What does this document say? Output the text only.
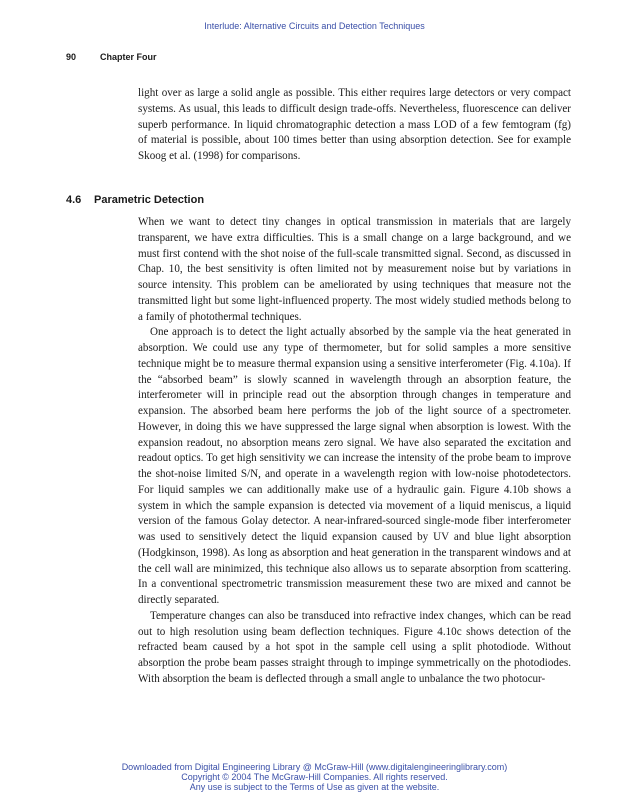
Interlude: Alternative Circuits and Detection Techniques
90	Chapter Four

light over as large a solid angle as possible. This either requires large detectors or very compact systems. As usual, this leads to difficult design trade-offs. Nevertheless, fluorescence can deliver superb performance. In liquid chromatographic detection a mass LOD of a few femtogram (fg) of material is possible, about 100 times better than using absorption detection. See for example Skoog et al. (1998) for comparisons.

4.6 Parametric Detection

When we want to detect tiny changes in optical transmission in materials that are largely transparent, we have extra difficulties. This is a small change on a large background, and we must first contend with the shot noise of the full-scale transmitted signal. Second, as discussed in Chap. 10, the best sensitivity is often limited not by measurement noise but by variations in source intensity. This problem can be ameliorated by using techniques that measure not the transmitted light but some light-influenced property. The most widely studied methods belong to a family of photothermal techniques.

One approach is to detect the light actually absorbed by the sample via the heat generated in absorption. We could use any type of thermometer, but for solid samples a more sensitive technique might be to measure thermal expansion using a sensitive interferometer (Fig. 4.10a). If the “absorbed beam” is slowly scanned in wavelength through an absorption feature, the interferometer will in principle read out the absorption through changes in temperature and expansion. The absorbed beam here performs the job of the light source of a spectrometer. However, in doing this we have suppressed the large signal when absorption is lowest. With the expansion readout, no absorption means zero signal. We have also separated the excitation and readout optics. To get high sensitivity we can increase the intensity of the probe beam to improve the shot-noise limited S/N, and operate in a wavelength region with low-noise photodetectors. For liquid samples we can additionally make use of a hydraulic gain. Figure 4.10b shows a system in which the sample expansion is detected via movement of a liquid meniscus, a liquid version of the famous Golay detector. A near-infrared-sourced single-mode fiber interferometer was used to sensitively detect the liquid expansion caused by UV and blue light absorption (Hodgkinson, 1998). As long as absorption and heat generation in the transparent windows and at the cell wall are minimized, this technique also allows us to separate absorption from scattering. In a conventional spectrometric transmission measurement these two are mixed and cannot be directly separated.

Temperature changes can also be transduced into refractive index changes, which can be read out to high resolution using beam deflection techniques. Figure 4.10c shows detection of the refracted beam caused by a hot spot in the sample cell using a split photodiode. Without absorption the probe beam passes straight through to impinge symmetrically on the photodiodes. With absorption the beam is deflected through a small angle to unbalance the two photocur-

Downloaded from Digital Engineering Library @ McGraw-Hill (www.digitalengineeringlibrary.com)
Copyright © 2004 The McGraw-Hill Companies. All rights reserved.
Any use is subject to the Terms of Use as given at the website.
